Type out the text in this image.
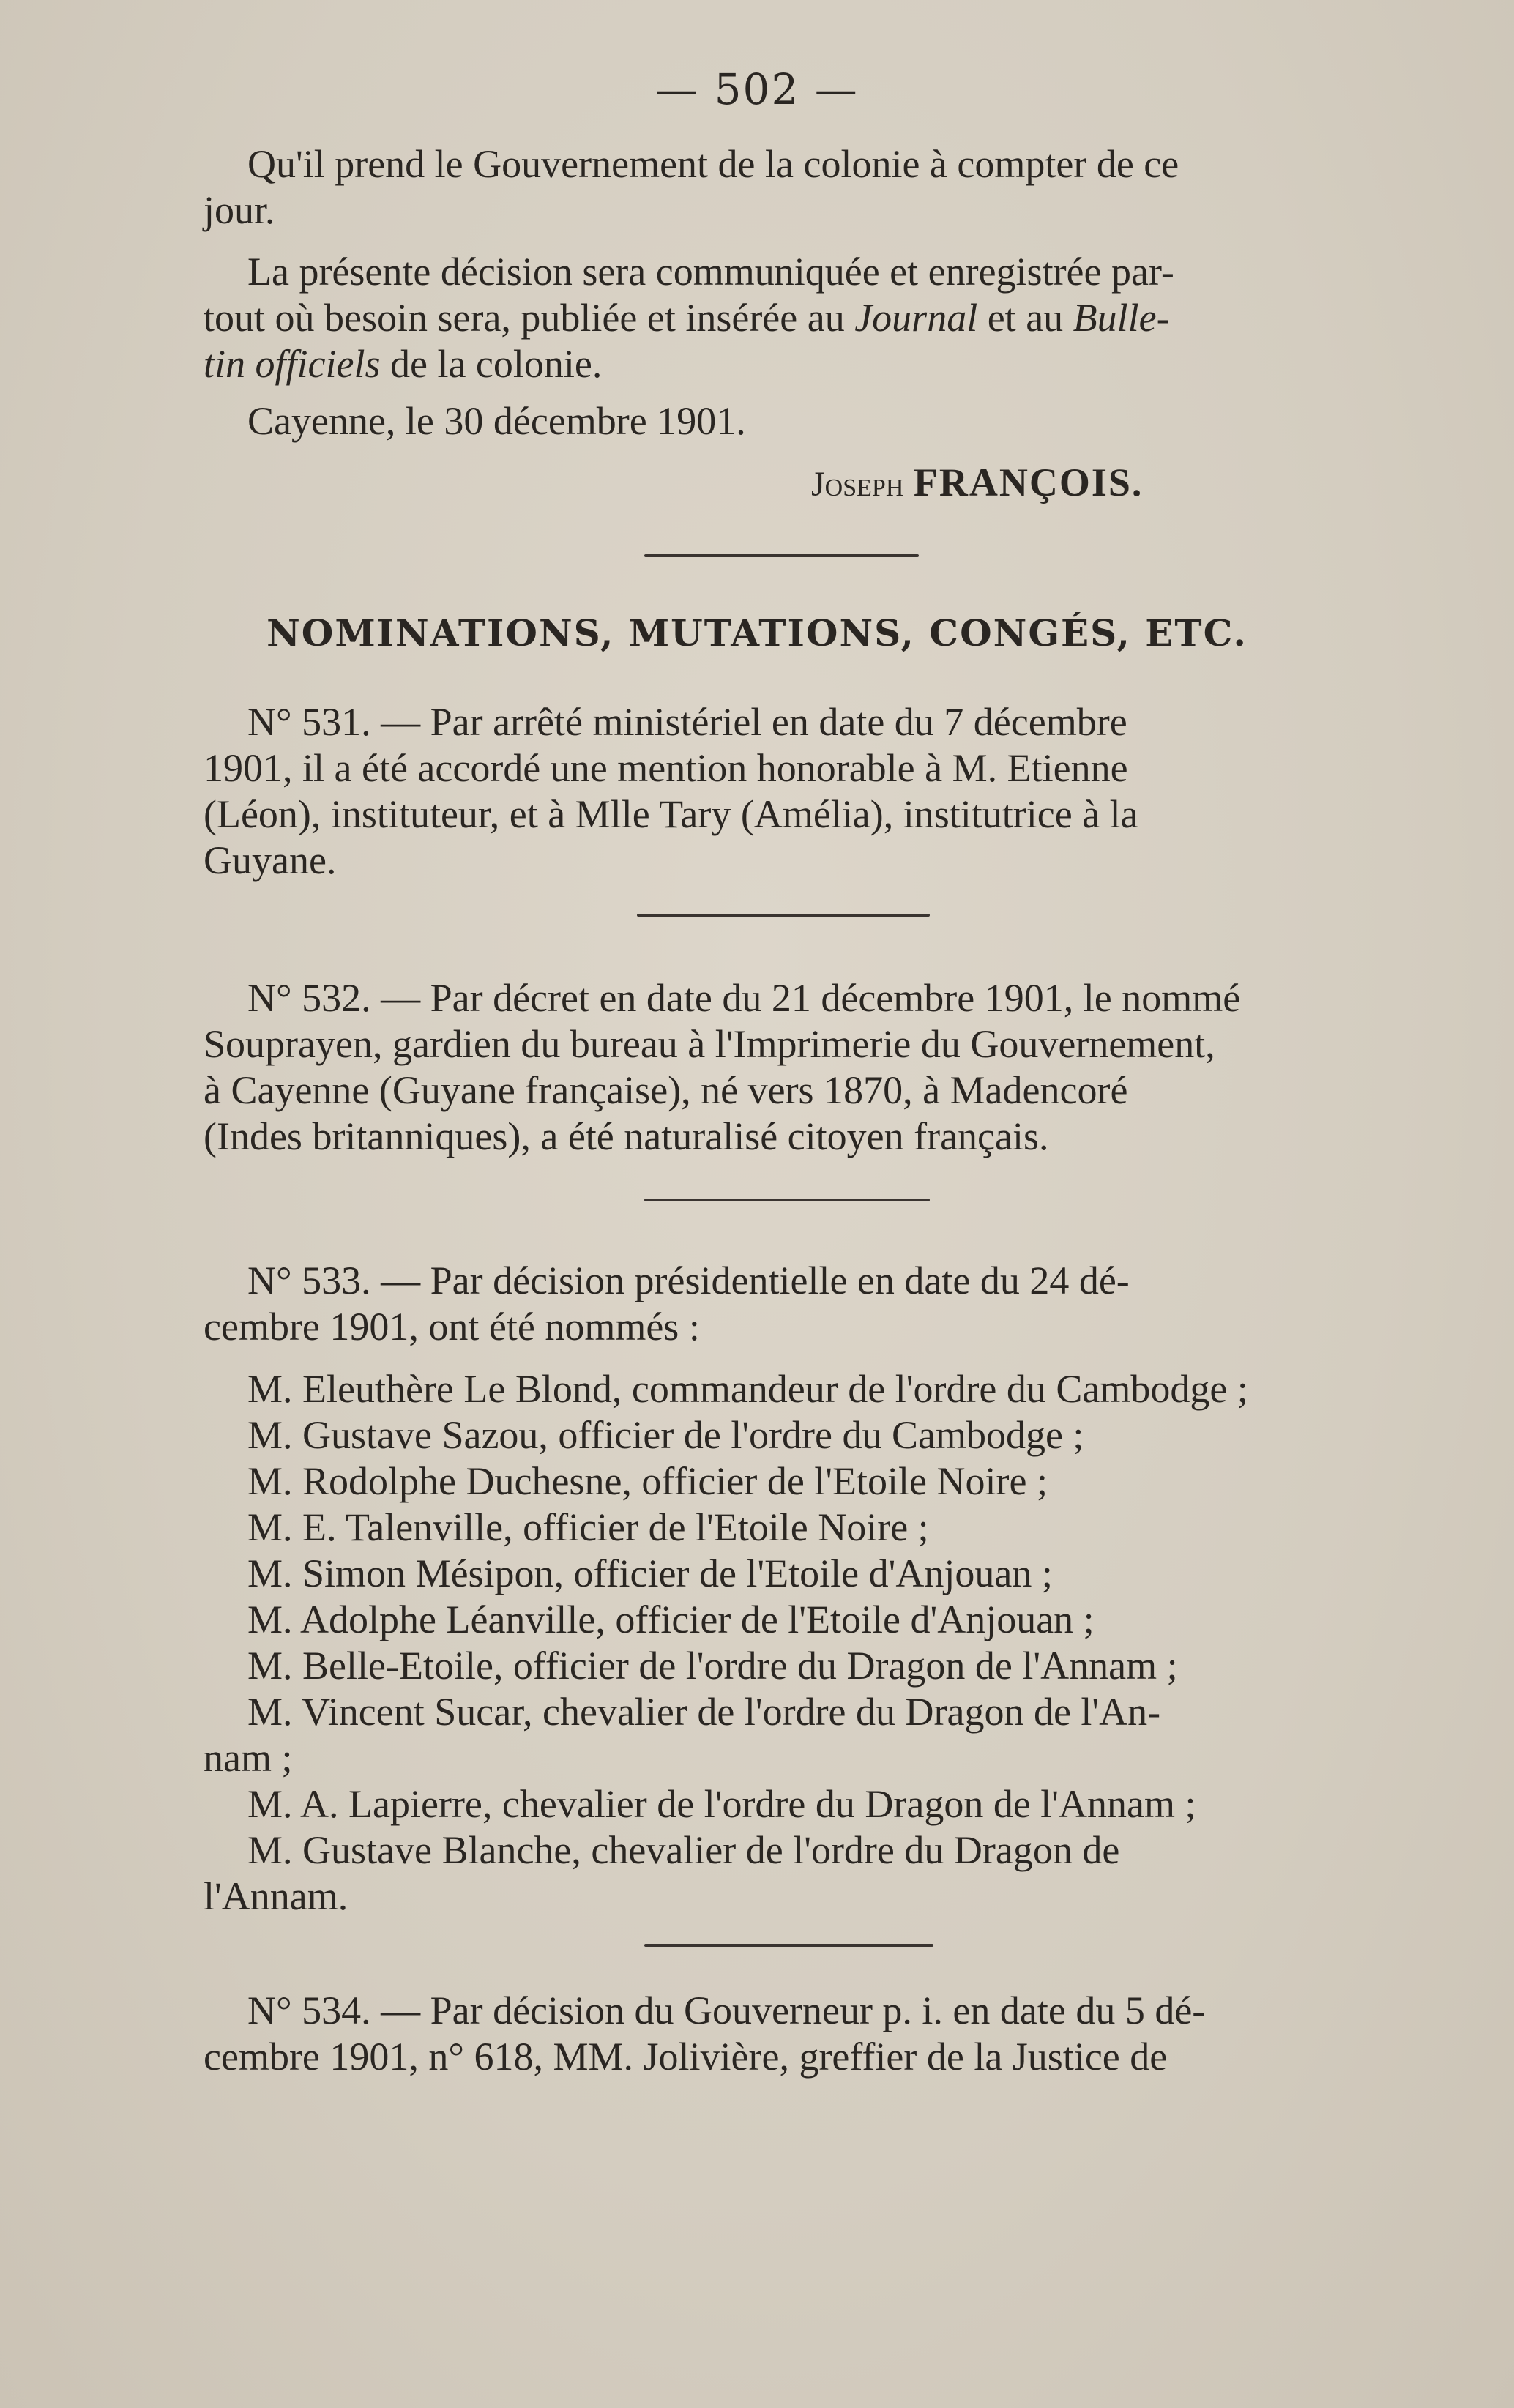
— 502 —
Qu'il prend le Gouvernement de la colonie à compter de ce
jour.
La présente décision sera communiquée et enregistrée par-
tout où besoin sera, publiée et insérée au Journal et au Bulle-
tin officiels de la colonie.
Cayenne, le 30 décembre 1901.
Joseph FRANÇOIS.
NOMINATIONS, MUTATIONS, CONGÉS, ETC.
N° 531. — Par arrêté ministériel en date du 7 décembre
1901, il a été accordé une mention honorable à M. Etienne
(Léon), instituteur, et à Mlle Tary (Amélia), institutrice à la
Guyane.
N° 532. — Par décret en date du 21 décembre 1901, le nommé
Souprayen, gardien du bureau à l'Imprimerie du Gouvernement,
à Cayenne (Guyane française), né vers 1870, à Madencoré
(Indes britanniques), a été naturalisé citoyen français.
N° 533. — Par décision présidentielle en date du 24 dé-
cembre 1901, ont été nommés :
M. Eleuthère Le Blond, commandeur de l'ordre du Cambodge ;
M. Gustave Sazou, officier de l'ordre du Cambodge ;
M. Rodolphe Duchesne, officier de l'Etoile Noire ;
M. E. Talenville, officier de l'Etoile Noire ;
M. Simon Mésipon, officier de l'Etoile d'Anjouan ;
M. Adolphe Léanville, officier de l'Etoile d'Anjouan ;
M. Belle-Etoile, officier de l'ordre du Dragon de l'Annam ;
M. Vincent Sucar, chevalier de l'ordre du Dragon de l'An-
nam ;
M. A. Lapierre, chevalier de l'ordre du Dragon de l'Annam ;
M. Gustave Blanche, chevalier de l'ordre du Dragon de
l'Annam.
N° 534. — Par décision du Gouverneur p. i. en date du 5 dé-
cembre 1901, n° 618, MM. Jolivière, greffier de la Justice de
